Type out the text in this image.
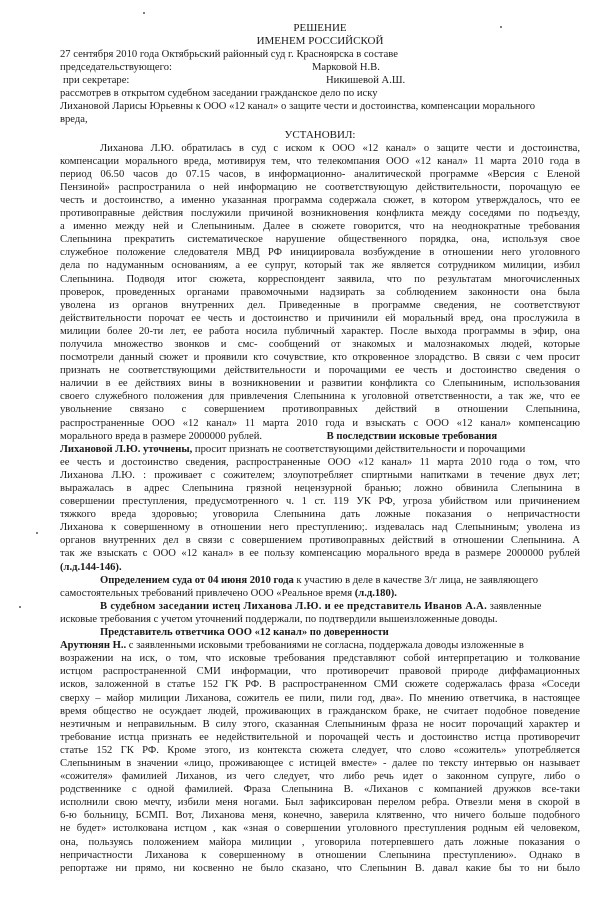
РЕШЕНИЕ
ИМЕНЕМ РОССИЙСКОЙ
27 сентября 2010 года Октябрьский районный суд г. Красноярска в составе
председательствующего:	Марковой Н.В.
при секретаре:	Никишевой А.Ш.
рассмотрев в открытом судебном заседании гражданское дело по иску
Лихановой Ларисы Юрьевны к ООО «12 канал» о защите чести и достоинства, компенсации морального
вреда,
УСТАНОВИЛ:
Лиханова Л.Ю. обратилась в суд с иском к ООО «12 канал» о защите чести и достоинства,
компенсации морального вреда, мотивируя тем, что телекомпания ООО «12 канал» 11 марта 2010 года в
период 06.50 часов до 07.15 часов, в информационно- аналитической программе «Версия с Еленой
Пензиной» распространила о ней информацию не соответствующую действительности, порочащую ее
честь и достоинство, а именно указанная программа содержала сюжет, в котором утверждалось, что ее
противоправные действия послужили причиной возникновения конфликта между соседями по подъезду,
а именно между ней и Слепыниным. Далее в сюжете говорится, что на неоднократные требования
Слепынина прекратить систематическое нарушение общественного порядка, она, используя свое
служебное положение следователя МВД РФ инициировала возбуждение в отношении него уголовного
дела по надуманным основаниям, а ее супруг, который так же является сотрудником милиции, избил
Слепынина. Подводя итог сюжета, корреспондент заявила, что по результатам многочисленных
проверок, проведенных органами правомочными надзирать за соблюдением законности она была
уволена из органов внутренних дел. Приведенные в программе сведения, не соответствуют
действительности порочат ее честь и достоинство и причинили ей моральный вред, она прослужила в
милиции более 20-ти лет, ее работа носила публичный характер. После выхода программы в эфир, она
получила множество звонков и смс- сообщений от знакомых и малознакомых людей, которые
посмотрели данный сюжет и проявили кто сочувствие, кто откровенное злорадство. В связи с чем просит
признать не соответствующими действительности и порочащими ее честь и достоинство сведения о
наличии в ее действиях вины в возникновении и развитии конфликта со Слепыниным, использования
своего служебного положения для привлечения Слепынина к уголовной ответственности, а так же, что ее
увольнение связано с совершением противоправных действий в отношении Слепынина,
распространенные ООО «12 канал» 11 марта 2010 года и взыскать с ООО «12 канал» компенсацию
морального вреда в размере 2000000 рублей.	В последствии исковые требования
Лихановой Л.Ю. уточнены, просит признать не соответствующими действительности и порочащими
ее честь и достоинство сведения, распространенные ООО «12 канал» 11 марта 2010 года о том, что
Лиханова Л.Ю. : проживает с сожителем; злоупотребляет спиртными напитками в течение двух лет;
выражалась в адрес Слепынина грязной нецензурной бранью; ложно обвинила Слепынина в
совершении преступления, предусмотренного ч. 1 ст. 119 УК РФ, угроза убийством или причинением
тяжкого вреда здоровью; уговорила Слепынина дать ложные показания о непричастности
Лиханова к совершенному в отношении него преступлению;. издевалась над Слепыниным; уволена из
органов внутренних дел в связи с совершением противоправных действий в отношении Слепынина. А
так же взыскать с ООО «12 канал» в ее пользу компенсацию морального вреда в размере 2000000 рублей
(л.д.144-146).
Определением суда от 04 июня 2010 года к участию в деле в качестве 3/г лица, не заявляющего
самостоятельных требований привлечено ООО «Реальное время (л.д.180).
В судебном заседании истец Лиханова Л.Ю. и ее представитель Иванов А.А. заявленные
исковые требования с учетом уточнений поддержали, по подтвердили вышеизложенные доводы.
Представитель ответчика ООО «12 канал» по доверенности
Арутюнян Н.. с заявленными исковыми требованиями не согласна, поддержала доводы изложенные в
возражении на иск, о том, что исковые требования представляют собой интерпретацию и толкование
истцом распространенной СМИ информации, что противоречит правовой природе диффамационных
исков, заложенной в статье 152 ГК РФ. В распространенном СМИ сюжете содержалась фраза «Соседи
сверху – майор милиции Лиханова, сожитель ее пили, пили год, два». По мнению ответчика, в настоящее
время общество не осуждает людей, проживающих в гражданском браке, не считает подобное поведение
неэтичным и неправильным. В силу этого, сказанная Слепыниным фраза не носит порочащий характер и
требование истца признать ее недействительной и порочащей честь и достоинство истца противоречит
статье 152 ГК РФ. Кроме этого, из контекста сюжета следует, что слово «сожитель» употребляется
Слепыниным в значении «лицо, проживающее с истицей вместе» - далее по тексту интервью он называет
«сожителя» фамилией Лиханов, из чего следует, что либо речь идет о законном супруге, либо о
родственнике с одной фамилией. Фраза Слепынина В. «Лиханов с компанией дружков все-таки
исполнили свою мечту, избили меня ногами. Был зафиксирован перелом ребра. Отвезли меня в скорой в
6-ю больницу, БСМП. Вот, Лиханова меня, конечно, заверила клятвенно, что ничего больше подобного
не будет» истолкована истцом , как «зная о совершении уголовного преступления родным ей человеком,
она, пользуясь положением майора милиции , уговорила потерпевшего дать ложные показания о
непричастности Лиханова к совершенному в отношении Слепынина преступлению». Однако в
репортаже ни прямо, ни косвенно не было сказано, что Слепынин В. давал какие бы то ни было
